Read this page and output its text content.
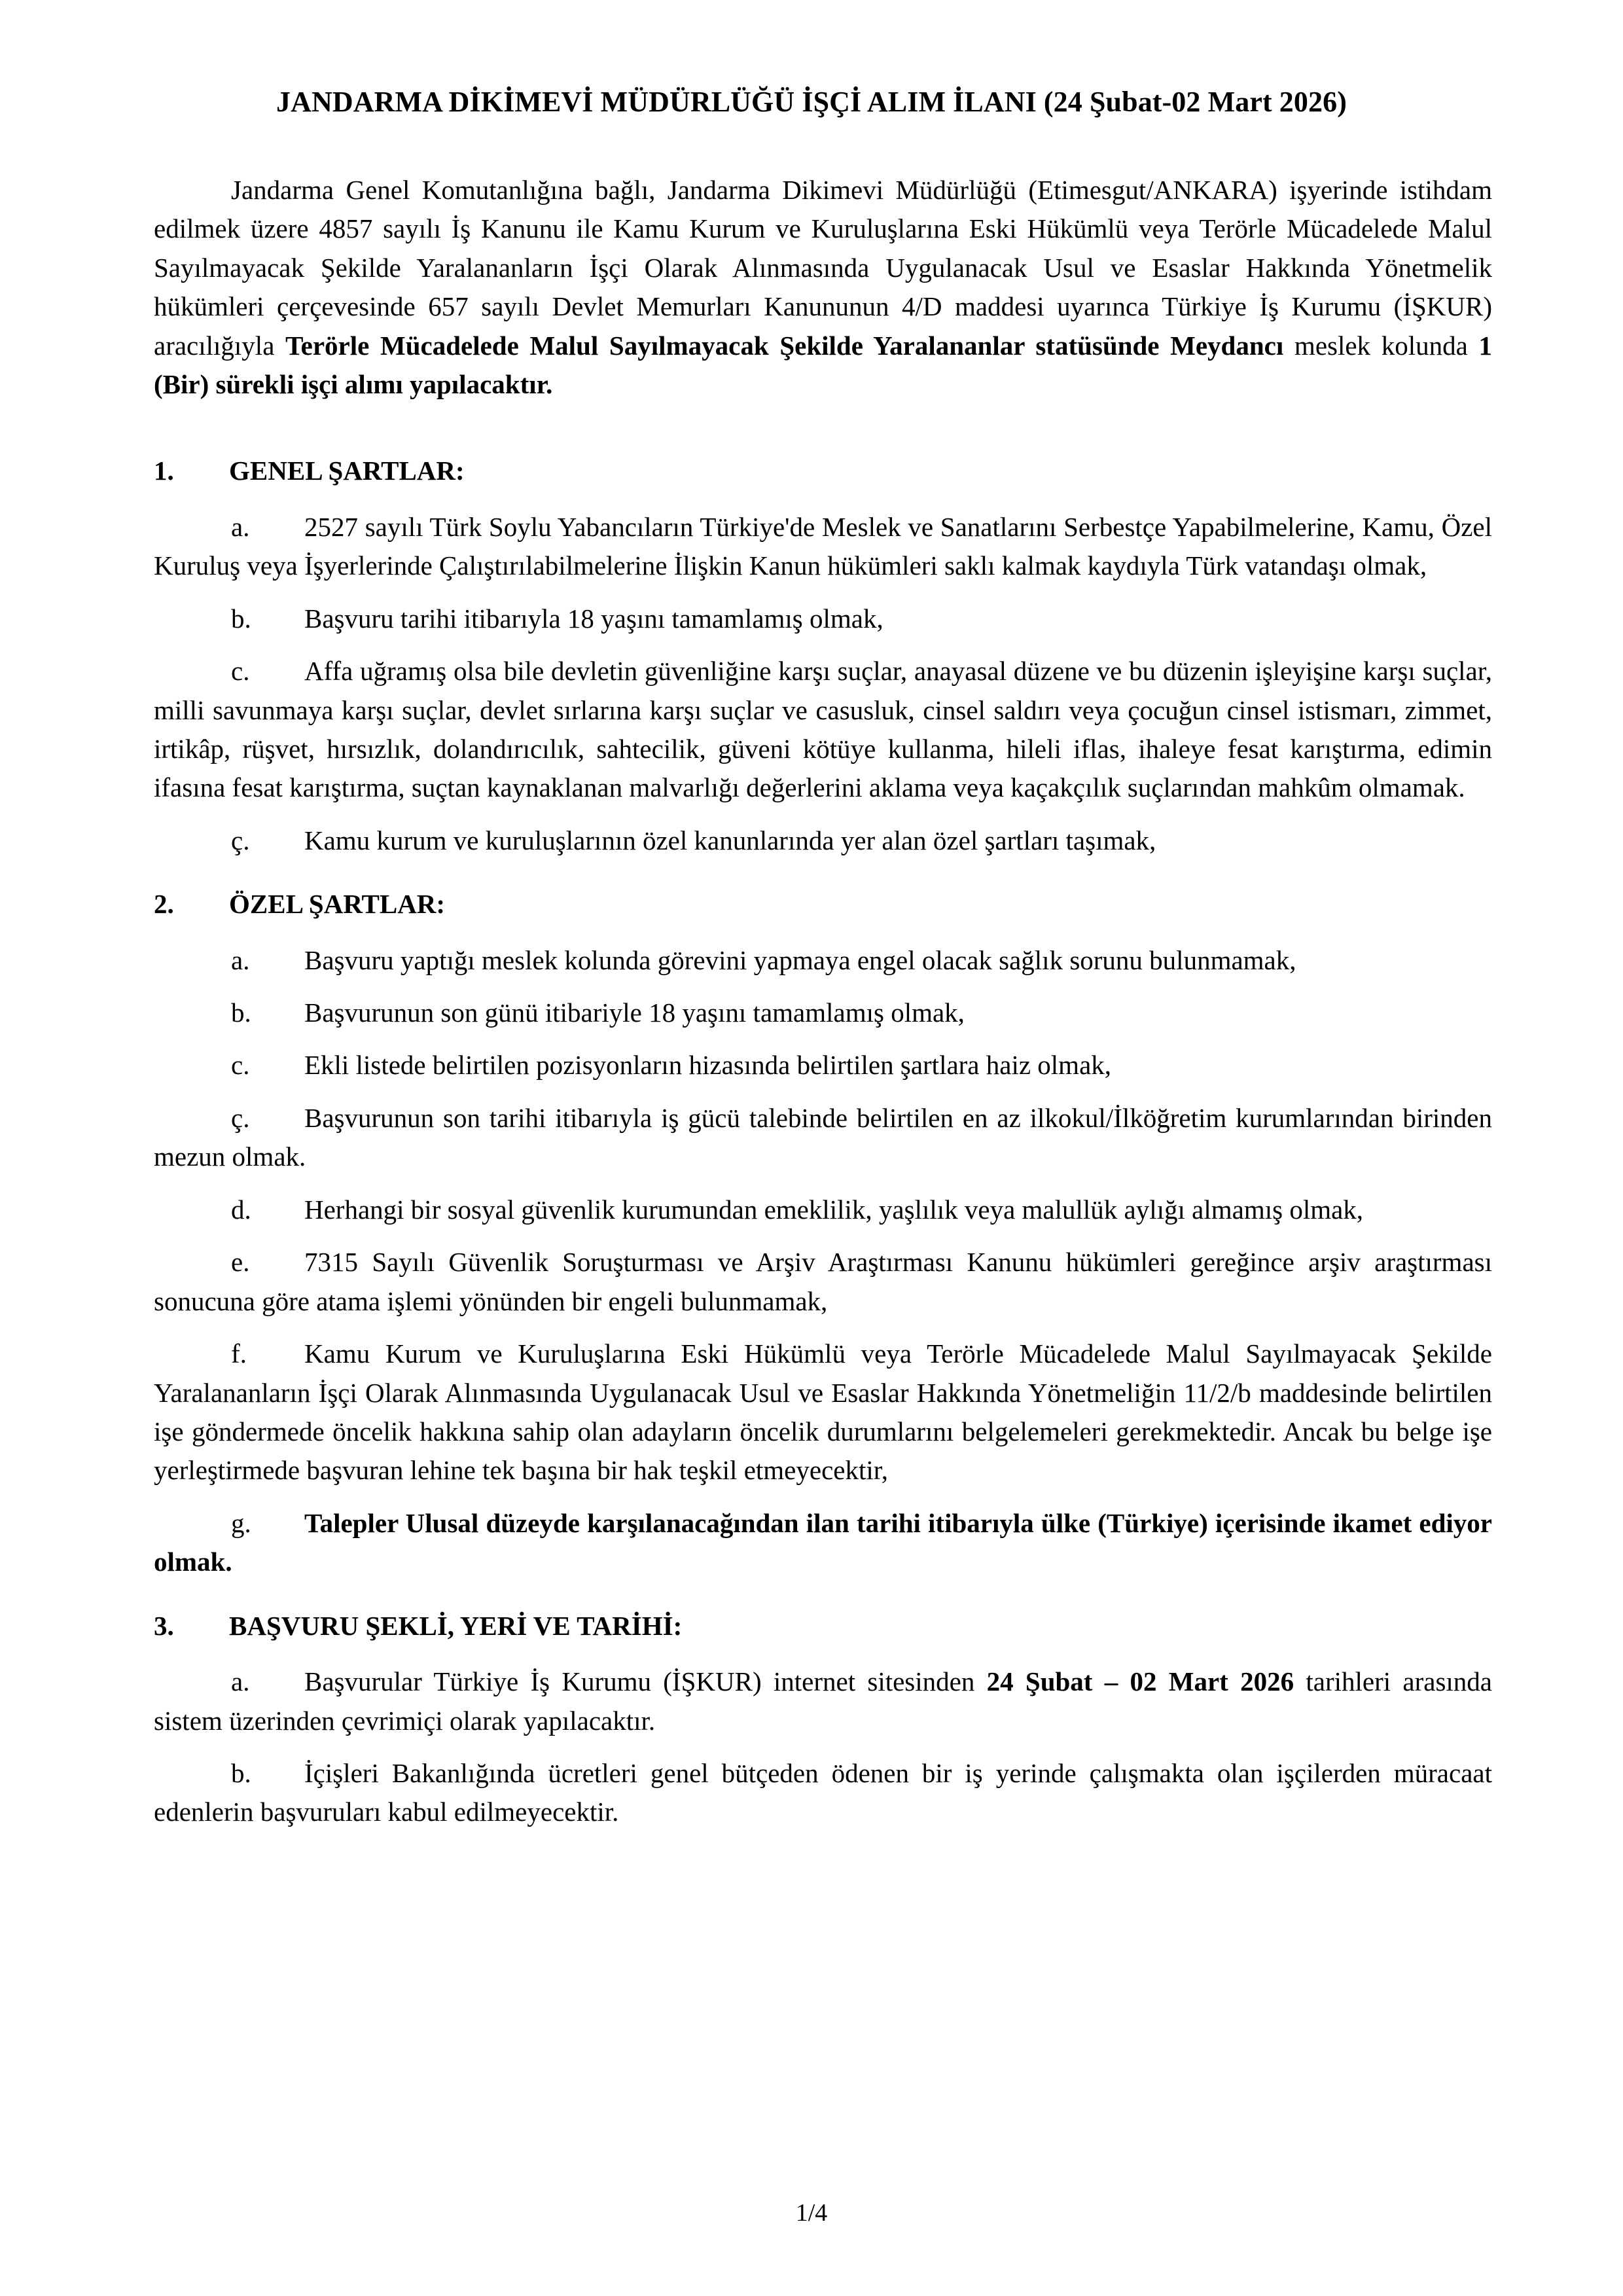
JANDARMA DİKİMEVİ MÜDÜRLÜĞÜ İŞÇİ ALIM İLANI (24 Şubat-02 Mart 2026)

Jandarma Genel Komutanlığına bağlı, Jandarma Dikimevi Müdürlüğü (Etimesgut/ANKARA) işyerinde istihdam edilmek üzere 4857 sayılı İş Kanunu ile Kamu Kurum ve Kuruluşlarına Eski Hükümlü veya Terörle Mücadelede Malul Sayılmayacak Şekilde Yaralananların İşçi Olarak Alınmasında Uygulanacak Usul ve Esaslar Hakkında Yönetmelik hükümleri çerçevesinde 657 sayılı Devlet Memurları Kanununun 4/D maddesi uyarınca Türkiye İş Kurumu (İŞKUR) aracılığıyla Terörle Mücadelede Malul Sayılmayacak Şekilde Yaralananlar statüsünde Meydancı meslek kolunda 1 (Bir) sürekli işçi alımı yapılacaktır.

1. GENEL ŞARTLAR:

a. 2527 sayılı Türk Soylu Yabancıların Türkiye'de Meslek ve Sanatlarını Serbestçe Yapabilmelerine, Kamu, Özel Kuruluş veya İşyerlerinde Çalıştırılabilmelerine İlişkin Kanun hükümleri saklı kalmak kaydıyla Türk vatandaşı olmak,

b. Başvuru tarihi itibarıyla 18 yaşını tamamlamış olmak,

c. Affa uğramış olsa bile devletin güvenliğine karşı suçlar, anayasal düzene ve bu düzenin işleyişine karşı suçlar, milli savunmaya karşı suçlar, devlet sırlarına karşı suçlar ve casusluk, cinsel saldırı veya çocuğun cinsel istismarı, zimmet, irtikâp, rüşvet, hırsızlık, dolandırıcılık, sahtecilik, güveni kötüye kullanma, hileli iflas, ihaleye fesat karıştırma, edimin ifasına fesat karıştırma, suçtan kaynaklanan malvarlığı değerlerini aklama veya kaçakçılık suçlarından mahkûm olmamak.

ç. Kamu kurum ve kuruluşlarının özel kanunlarında yer alan özel şartları taşımak,

2. ÖZEL ŞARTLAR:

a. Başvuru yaptığı meslek kolunda görevini yapmaya engel olacak sağlık sorunu bulunmamak,

b. Başvurunun son günü itibariyle 18 yaşını tamamlamış olmak,

c. Ekli listede belirtilen pozisyonların hizasında belirtilen şartlara haiz olmak,

ç. Başvurunun son tarihi itibarıyla iş gücü talebinde belirtilen en az ilkokul/İlköğretim kurumlarından birinden mezun olmak.

d. Herhangi bir sosyal güvenlik kurumundan emeklilik, yaşlılık veya malullük aylığı almamış olmak,

e. 7315 Sayılı Güvenlik Soruşturması ve Arşiv Araştırması Kanunu hükümleri gereğince arşiv araştırması sonucuna göre atama işlemi yönünden bir engeli bulunmamak,

f. Kamu Kurum ve Kuruluşlarına Eski Hükümlü veya Terörle Mücadelede Malul Sayılmayacak Şekilde Yaralananların İşçi Olarak Alınmasında Uygulanacak Usul ve Esaslar Hakkında Yönetmeliğin 11/2/b maddesinde belirtilen işe göndermede öncelik hakkına sahip olan adayların öncelik durumlarını belgelemeleri gerekmektedir. Ancak bu belge işe yerleştirmede başvuran lehine tek başına bir hak teşkil etmeyecektir,

g. Talepler Ulusal düzeyde karşılanacağından ilan tarihi itibarıyla ülke (Türkiye) içerisinde ikamet ediyor olmak.

3. BAŞVURU ŞEKLİ, YERİ VE TARİHİ:

a. Başvurular Türkiye İş Kurumu (İŞKUR) internet sitesinden 24 Şubat – 02 Mart 2026 tarihleri arasında sistem üzerinden çevrimiçi olarak yapılacaktır.

b. İçişleri Bakanlığında ücretleri genel bütçeden ödenen bir iş yerinde çalışmakta olan işçilerden müracaat edenlerin başvuruları kabul edilmeyecektir.

1/4
